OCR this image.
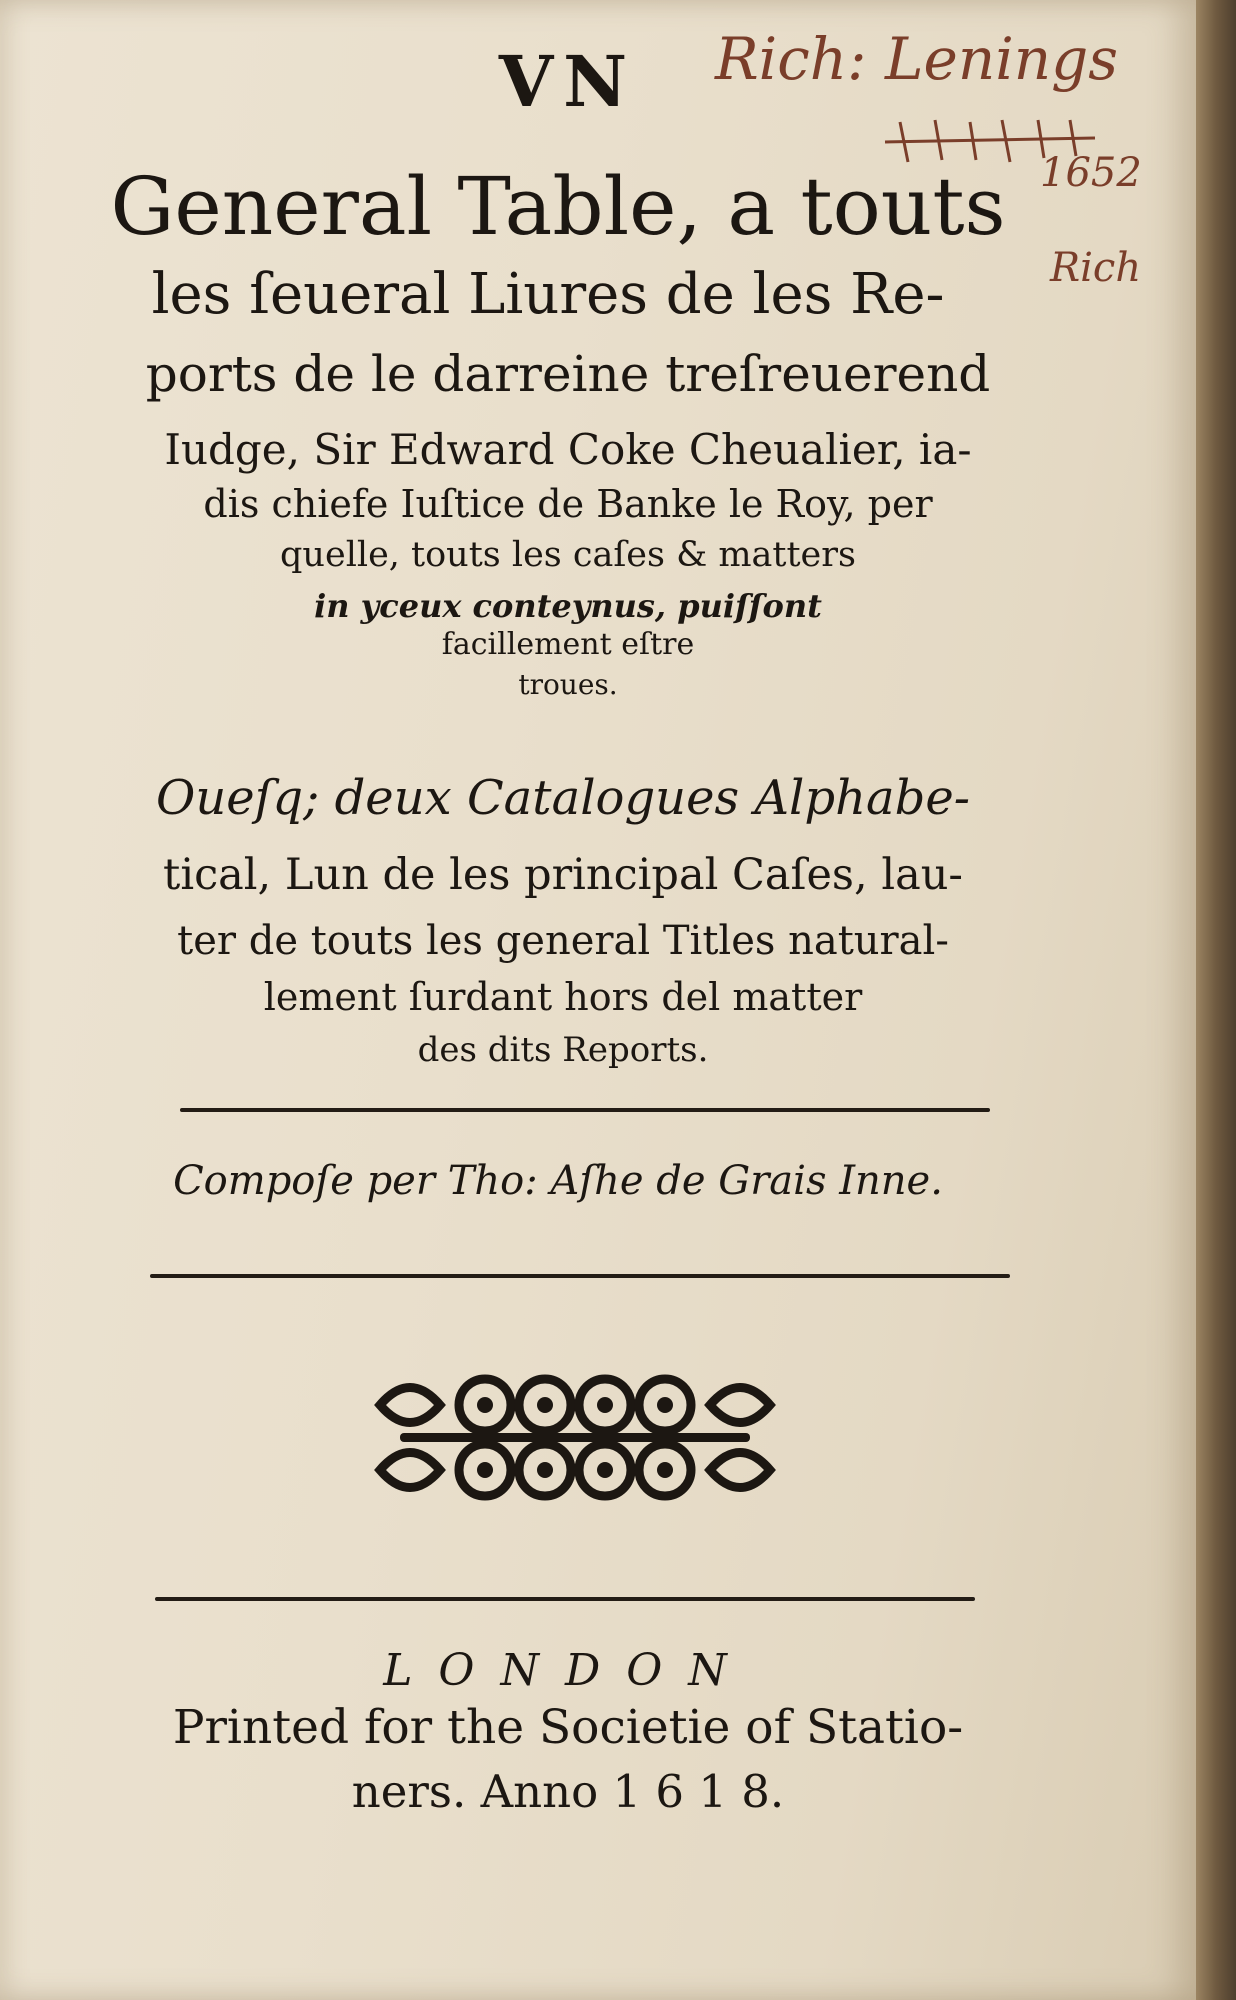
Rich: Lenings
1652
Rich
VN
General Table, a touts
les ſeueral Liures de les Re-
ports de le darreine treſreuerend
Iudge, Sir Edward Coke Cheualier, ia-
dis chiefe Iuſtice de Banke le Roy, per
quelle, touts les caſes & matters
in yceux conteynus, puiſſont
facillement eſtre
troues.
Oueſq; deux Catalogues Alphabe-
tical, Lun de les principal Caſes, lau-
ter de touts les general Titles natural-
lement ſurdant hors del matter
des dits Reports.
Compoſe per Tho: Aſhe de Grais Inne.
L O N D O N
Printed for the Societie of Statio-
ners. Anno 1 6 1 8.
